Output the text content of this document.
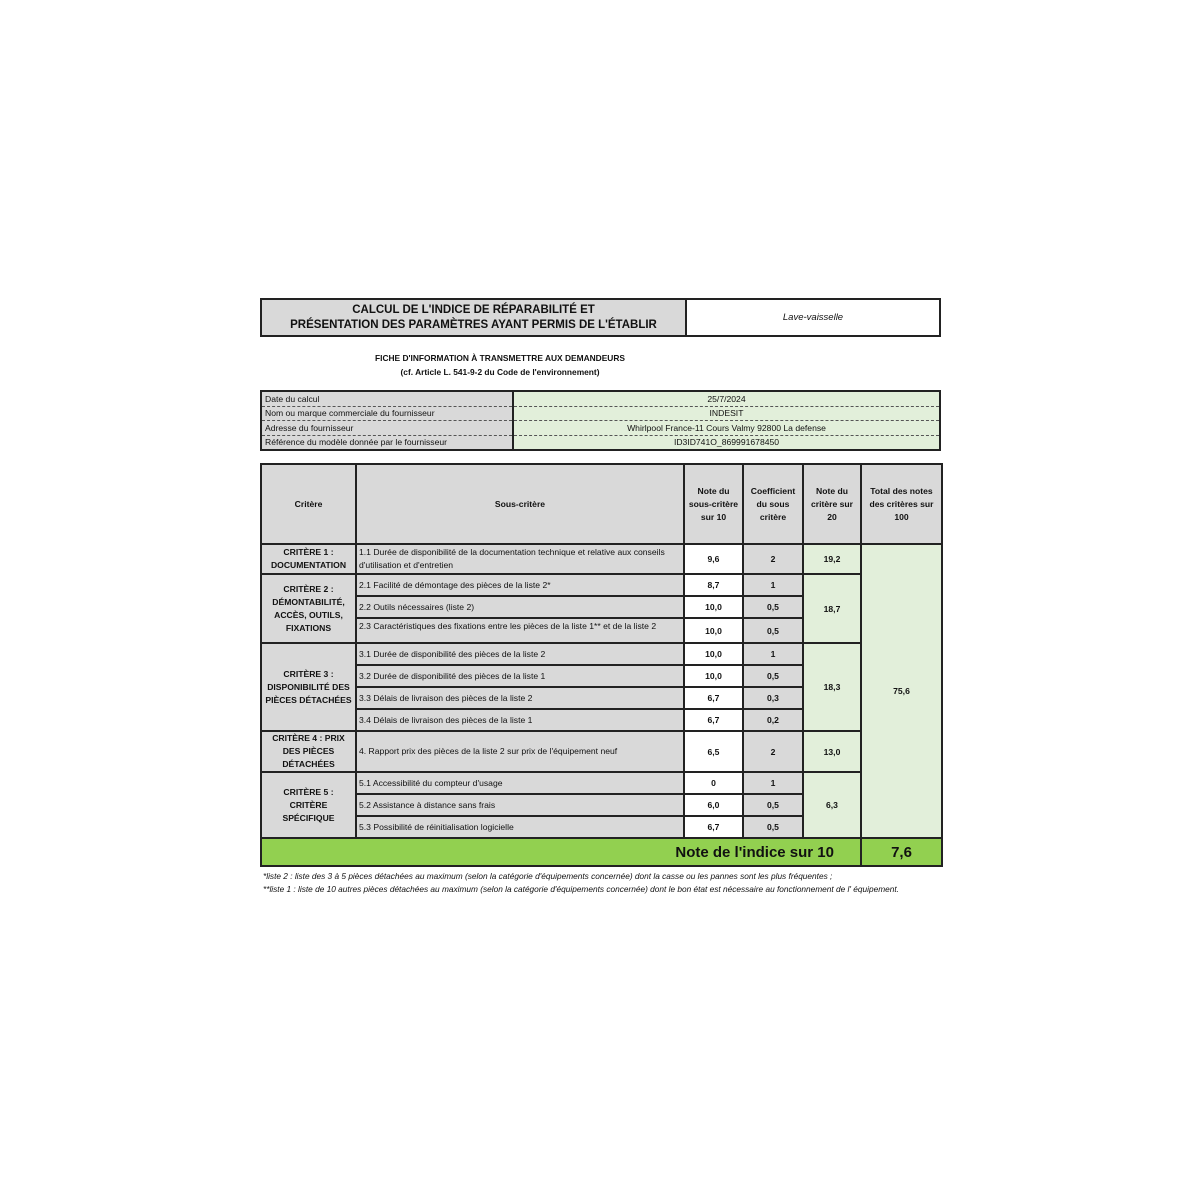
CALCUL DE L'INDICE DE RÉPARABILITÉ ET
PRÉSENTATION DES PARAMÈTRES AYANT PERMIS DE L'ÉTABLIR
Lave-vaisselle
FICHE D'INFORMATION À TRANSMETTRE AUX DEMANDEURS
(cf. Article L. 541-9-2 du Code de l'environnement)
Date du calcul	25/7/2024
Nom ou marque commerciale du fournisseur	INDESIT
Adresse du fournisseur	Whirlpool France-11 Cours Valmy 92800 La defense
Référence du modèle donnée par le fournisseur	ID3ID741O_869991678450
Critère	Sous-critère	Note du sous-critère sur 10	Coefficient du sous critère	Note du critère sur 20	Total des notes des critères sur 100
CRITÈRE 1 : DOCUMENTATION	1.1 Durée de disponibilité de la documentation technique et relative aux conseils d'utilisation et d'entretien	9,6	2	19,2	75,6
CRITÈRE 2 : DÉMONTABILITÉ, ACCÈS, OUTILS, FIXATIONS	2.1 Facilité de démontage des pièces de la liste 2*	8,7	1	18,7	
	2.2 Outils nécessaires (liste 2)	10,0	0,5		

	2.3 Caractéristiques des fixations entre les pièces de la liste 1** et de la liste 2	10,0	0,5		
CRITÈRE 3 : DISPONIBILITÉ DES PIÈCES DÉTACHÉES	3.1 Durée de disponibilité des pièces de la liste 2	10,0	1	18,3	
	3.2 Durée de disponibilité des pièces de la liste 1	10,0	0,5		
	3.3 Délais de livraison des pièces de la liste 2	6,7	0,3		
	3.4 Délais de livraison des pièces de la liste 1	6,7	0,2		
CRITÈRE 4 : PRIX DES PIÈCES DÉTACHÉES	4. Rapport prix des pièces de la liste 2 sur prix de l'équipement neuf	6,5	2	13,0	
CRITÈRE 5 : CRITÈRE SPÉCIFIQUE	5.1 Accessibilité du compteur d'usage	0	1	6,3	
	5.2 Assistance à distance sans frais	6,0	0,5		
	5.3 Possibilité de réinitialisation logicielle	6,7	0,5		
Note de l'indice sur 10					7,6
*liste 2 : liste des 3 à 5 pièces détachées au maximum (selon la catégorie d'équipements concernée) dont la casse ou les pannes sont les plus fréquentes ;
**liste 1 : liste de 10 autres pièces détachées au maximum (selon la catégorie d'équipements concernée) dont le bon état est nécessaire au fonctionnement de l' équipement.
